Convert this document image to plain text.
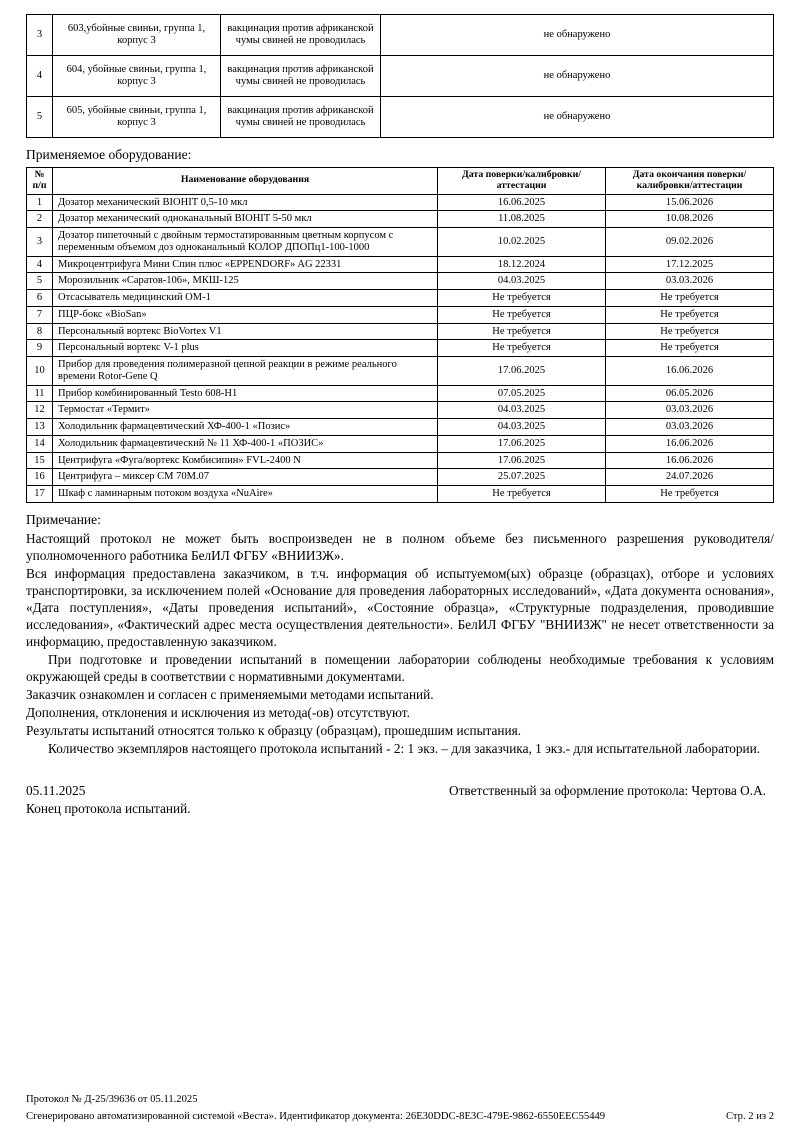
3	603,убойные свиньи, группа 1, корпус 3	вакцинация против африканской чумы свиней не проводилась	не обнаружено
4	604, убойные свиньи, группа 1, корпус 3	вакцинация против африканской чумы свиней не проводилась	не обнаружено
5	605, убойные свиньи, группа 1, корпус 3	вакцинация против африканской чумы свиней не проводилась	не обнаружено
Применяемое оборудование:
№ п/п	Наименование оборудования	Дата поверки/калибровки/аттестации	Дата окончания поверки/калибровки/аттестации
1	Дозатор механический ВIОНIТ 0,5-10 мкл	16.06.2025	15.06.2026
2	Дозатор механический одноканальный ВIОНIТ 5-50 мкл	11.08.2025	10.08.2026
3	Дозатор пипеточный с двойным термостатированным цветным корпусом с переменным объемом доз одноканальный КОЛОР ДПОПц1-100-1000	10.02.2025	09.02.2026
4	Микроцентрифуга Мини Спин плюс «EPPENDORF» AG 22331	18.12.2024	17.12.2025
5	Морозильник «Саратов-106», МКШ-125	04.03.2025	03.03.2026
6	Отсасыватель медицинский ОМ-1	Не требуется	Не требуется
7	ПЦР-бокс «BioSan»	Не требуется	Не требуется
8	Персональный вортекс BioVortex V1	Не требуется	Не требуется
9	Персональный вортекс V-1 plus	Не требуется	Не требуется
10	Прибор для проведения полимеразной цепной реакции в режиме реального времени Rotor-Gene Q	17.06.2025	16.06.2026
11	Прибор комбинированный Testo 608-H1	07.05.2025	06.05.2026
12	Термостат «Термит»	04.03.2025	03.03.2026
13	Холодильник фармацевтический ХФ-400-1 «Позис»	04.03.2025	03.03.2026
14	Холодильник фармацевтический № 11 ХФ-400-1 «ПОЗИС»	17.06.2025	16.06.2026
15	Центрифуга «Фуга/вортекс Комбисипин» FVL-2400 N	17.06.2025	16.06.2026
16	Центрифуга – миксер СМ 70М.07	25.07.2025	24.07.2026
17	Шкаф с ламинарным потоком воздуха «NuAire»	Не требуется	Не требуется
Примечание:

Настоящий протокол не может быть воспроизведен не в полном объеме без письменного разрешения руководителя/уполномоченного работника БелИЛ ФГБУ «ВНИИЗЖ».

Вся информация предоставлена заказчиком, в т.ч. информация об испытуемом(ых) образце (образцах), отборе и условиях транспортировки, за исключением полей «Основание для проведения лабораторных исследований», «Дата документа основания», «Дата поступления», «Даты проведения испытаний», «Состояние образца», «Структурные подразделения, проводившие исследования», «Фактический адрес места осуществления деятельности». БелИЛ ФГБУ "ВНИИЗЖ" не несет ответственности за информацию, предоставленную заказчиком.

При подготовке и проведении испытаний в помещении лаборатории соблюдены необходимые требования к условиям окружающей среды в соответствии с нормативными документами.

Заказчик ознакомлен и согласен с применяемыми методами испытаний.

Дополнения, отклонения и исключения из метода(-ов) отсутствуют.

Результаты испытаний относятся только к образцу (образцам), прошедшим испытания.

Количество экземпляров настоящего протокола испытаний - 2: 1 экз. – для заказчика, 1 экз.- для испытательной лаборатории.

05.11.2025	Ответственный за оформление протокола: Чертова О.А.
Конец протокола испытаний.
Протокол № Д-25/39636 от 05.11.2025
Сгенерировано автоматизированной системой «Веста». Идентификатор документа: 26E30DDC-8E3C-479E-9862-6550EEC55449	Стр. 2 из 2
